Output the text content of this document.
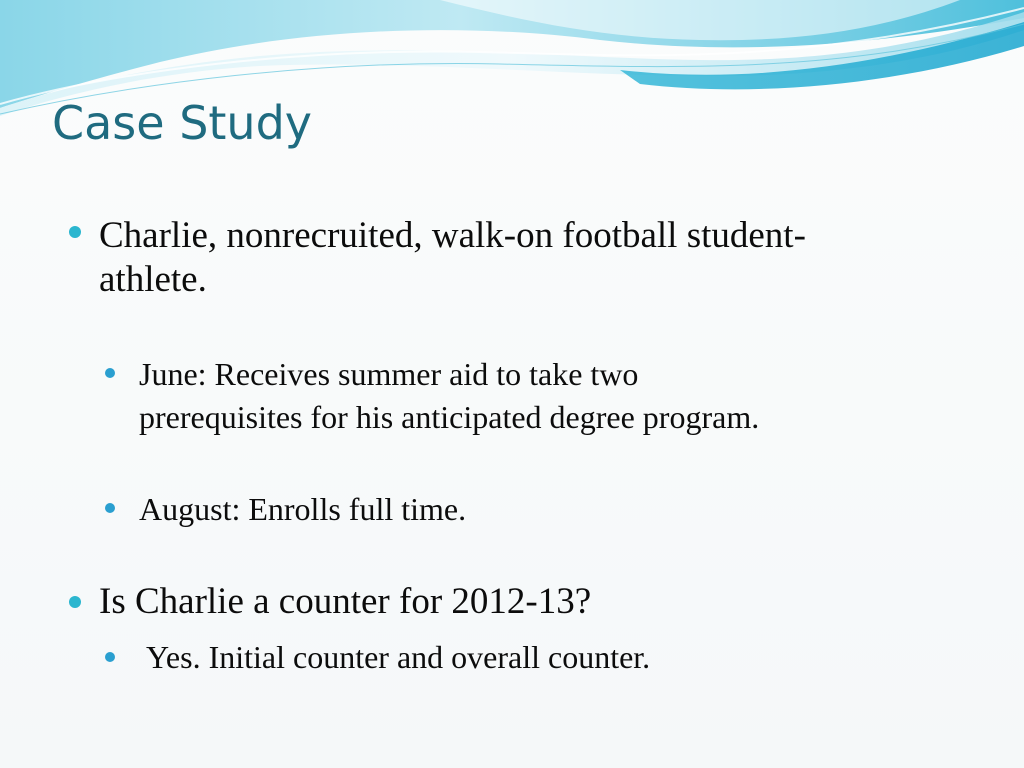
Case Study

Charlie, nonrecruited, walk-on football student-
athlete.

June: Receives summer aid to take two
prerequisites for his anticipated degree program.

August: Enrolls full time.

Is Charlie a counter for 2012-13?

Yes. Initial counter and overall counter.
